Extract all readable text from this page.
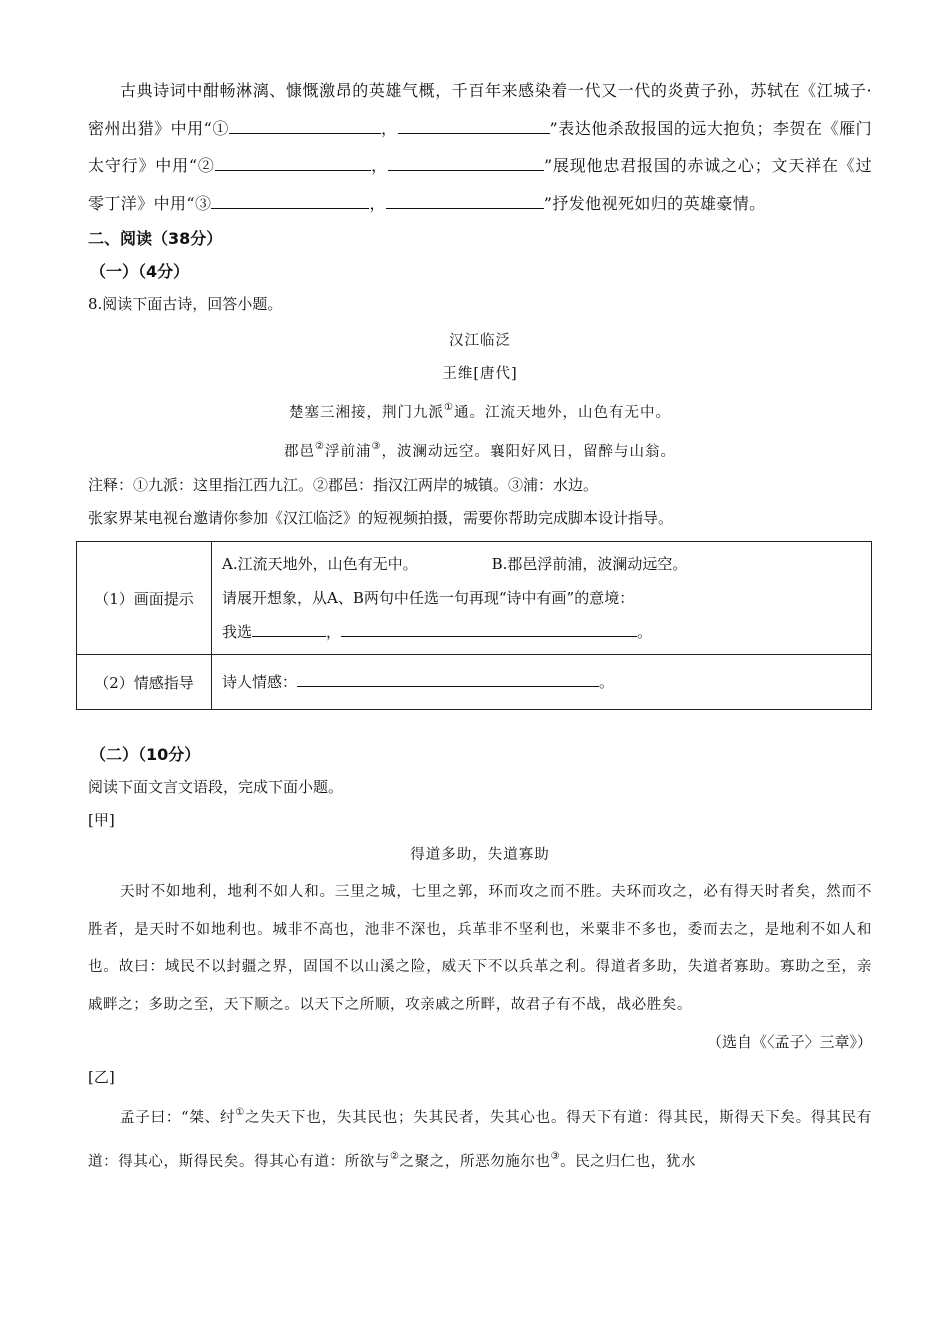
古典诗词中酣畅淋漓、慷慨激昂的英雄气概，千百年来感染着一代又一代的炎黄子孙，苏轼在《江城子·密州出猎》中用“①	，	”表达他杀敌报国的远大抱负；李贺在《雁门太守行》中用“②	，	”展现他忠君报国的赤诚之心；文天祥在《过零丁洋》中用“③	，	”抒发他视死如归的英雄豪情。

二、阅读（38分）

（一）（4分）

8.阅读下面古诗，回答小题。

汉江临泛

王维[唐代]

楚塞三湘接，荆门九派①通。江流天地外，山色有无中。

郡邑②浮前浦③，波澜动远空。襄阳好风日，留醉与山翁。

注释：①九派：这里指江西九江。②郡邑：指汉江两岸的城镇。③浦：水边。

张家界某电视台邀请你参加《汉江临泛》的短视频拍摄，需要你帮助完成脚本设计指导。

（1）画面提示	A.江流天地外，山色有无中。 B.郡邑浮前浦，波澜动远空。
请展开想象，从A、B两句中任选一句再现“诗中有画”的意境：
我选 ， 。

（2）情感指导	诗人情感： 。

（二）（10分）

阅读下面文言文语段，完成下面小题。

[甲]

得道多助，失道寡助

天时不如地利，地利不如人和。三里之城，七里之郭，环而攻之而不胜。夫环而攻之，必有得天时者矣，然而不胜者，是天时不如地利也。城非不高也，池非不深也，兵革非不坚利也，米粟非不多也，委而去之，是地利不如人和也。故曰：域民不以封疆之界，固国不以山溪之险，威天下不以兵革之利。得道者多助，失道者寡助。寡助之至，亲戚畔之；多助之至，天下顺之。以天下之所顺，攻亲戚之所畔，故君子有不战，战必胜矣。

（选自《〈孟子〉三章》）

[乙]

孟子曰：“桀、纣①之失天下也，失其民也；失其民者，失其心也。得天下有道：得其民，斯得天下矣。得其民有道：得其心，斯得民矣。得其心有道：所欲与②之聚之，所恶勿施尔也③。民之归仁也，犹水
